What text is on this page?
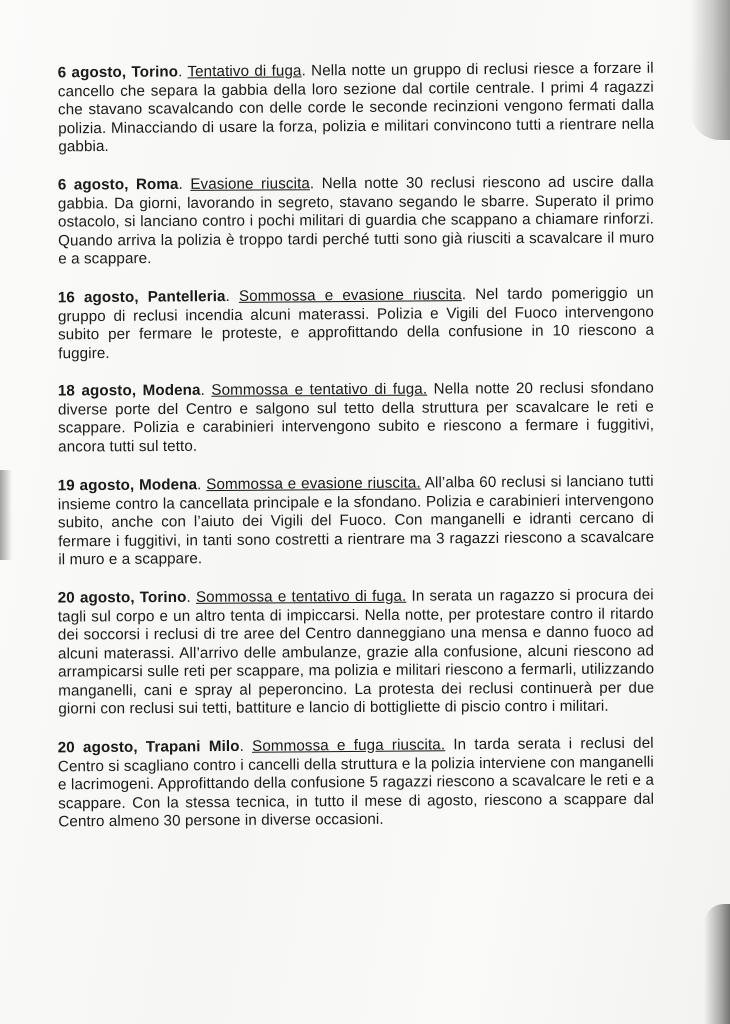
6 agosto, Torino. Tentativo di fuga. Nella notte un gruppo di reclusi riesce a forzare il cancello che separa la gabbia della loro sezione dal cortile centrale. I primi 4 ragazzi che stavano scavalcando con delle corde le seconde recinzioni vengono fermati dalla polizia. Minacciando di usare la forza, polizia e militari convincono tutti a rientrare nella gabbia.

6 agosto, Roma. Evasione riuscita. Nella notte 30 reclusi riescono ad uscire dalla gabbia. Da giorni, lavorando in segreto, stavano segando le sbarre. Superato il primo ostacolo, si lanciano contro i pochi militari di guardia che scappano a chiamare rinforzi. Quando arriva la polizia è troppo tardi perché tutti sono già riusciti a scavalcare il muro e a scappare.

16 agosto, Pantelleria. Sommossa e evasione riuscita. Nel tardo pomeriggio un gruppo di reclusi incendia alcuni materassi. Polizia e Vigili del Fuoco intervengono subito per fermare le proteste, e approfittando della confusione in 10 riescono a fuggire.

18 agosto, Modena. Sommossa e tentativo di fuga. Nella notte 20 reclusi sfondano diverse porte del Centro e salgono sul tetto della struttura per scavalcare le reti e scappare. Polizia e carabinieri intervengono subito e riescono a fermare i fuggitivi, ancora tutti sul tetto.

19 agosto, Modena. Sommossa e evasione riuscita. All’alba 60 reclusi si lanciano tutti insieme contro la cancellata principale e la sfondano. Polizia e carabinieri intervengono subito, anche con l’aiuto dei Vigili del Fuoco. Con manganelli e idranti cercano di fermare i fuggitivi, in tanti sono costretti a rientrare ma 3 ragazzi riescono a scavalcare il muro e a scappare.

20 agosto, Torino. Sommossa e tentativo di fuga. In serata un ragazzo si procura dei tagli sul corpo e un altro tenta di impiccarsi. Nella notte, per protestare contro il ritardo dei soccorsi i reclusi di tre aree del Centro danneggiano una mensa e danno fuoco ad alcuni materassi. All’arrivo delle ambulanze, grazie alla confusione, alcuni riescono ad arrampicarsi sulle reti per scappare, ma polizia e militari riescono a fermarli, utilizzando manganelli, cani e spray al peperoncino. La protesta dei reclusi continuerà per due giorni con reclusi sui tetti, battiture e lancio di bottigliette di piscio contro i militari.

20 agosto, Trapani Milo. Sommossa e fuga riuscita. In tarda serata i reclusi del Centro si scagliano contro i cancelli della struttura e la polizia interviene con manganelli e lacrimogeni. Approfittando della confusione 5 ragazzi riescono a scavalcare le reti e a scappare. Con la stessa tecnica, in tutto il mese di agosto, riescono a scappare dal Centro almeno 30 persone in diverse occasioni.
